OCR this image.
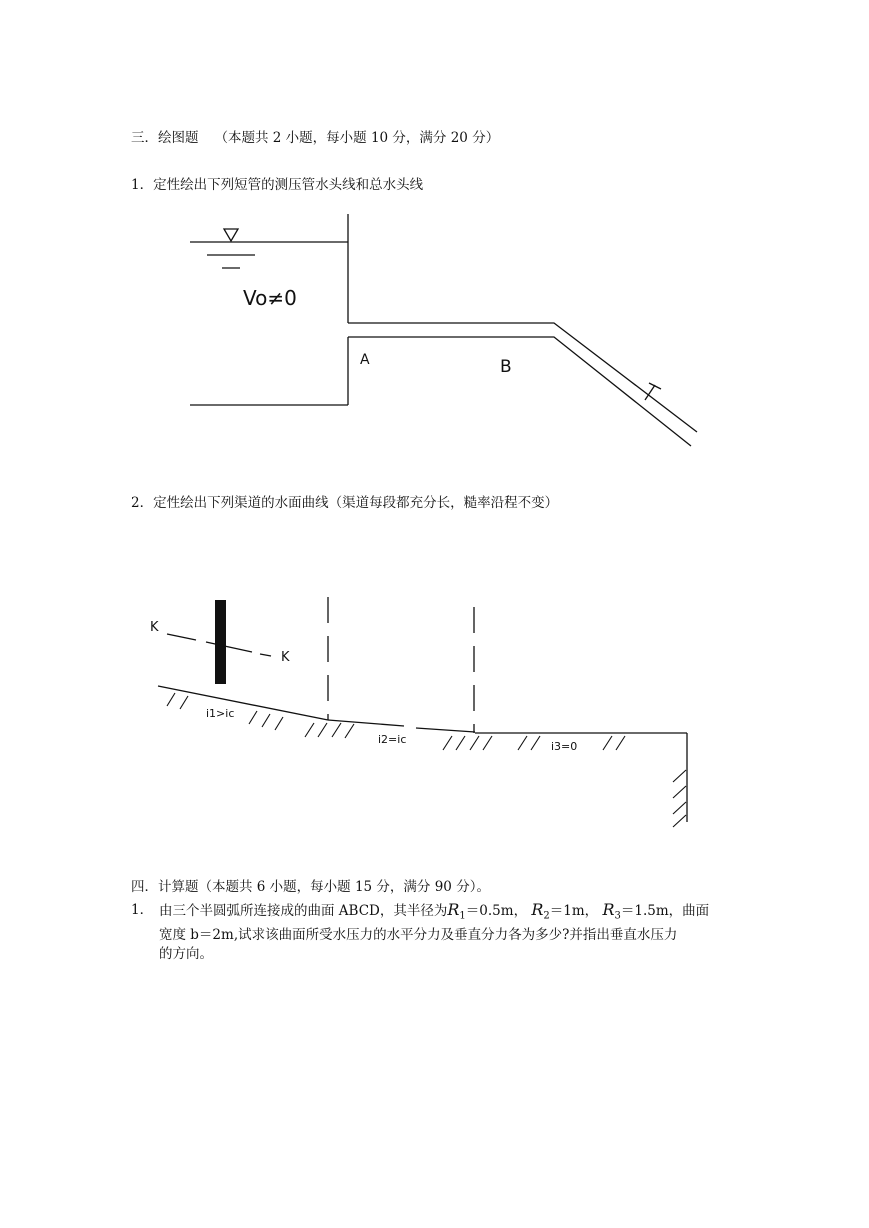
三．绘图题 （本题共 2 小题，每小题 10 分，满分 20 分）
1．定性绘出下列短管的测压管水头线和总水头线
2．定性绘出下列渠道的水面曲线（渠道每段都充分长，糙率沿程不变）
Vo≠0
A	B
K
K
i1>ic
i2=ic
i3=0
四．计算题（本题共 6 小题，每小题 15 分，满分 90 分）。
1． 由三个半圆弧所连接成的曲面 ABCD，其半径为$R_1=0.5m$， $R_2=1m$， $R_3=1.5m$，曲面
宽度 b＝2m,试求该曲面所受水压力的水平分力及垂直分力各为多少?并指出垂直水压力
的方向。
